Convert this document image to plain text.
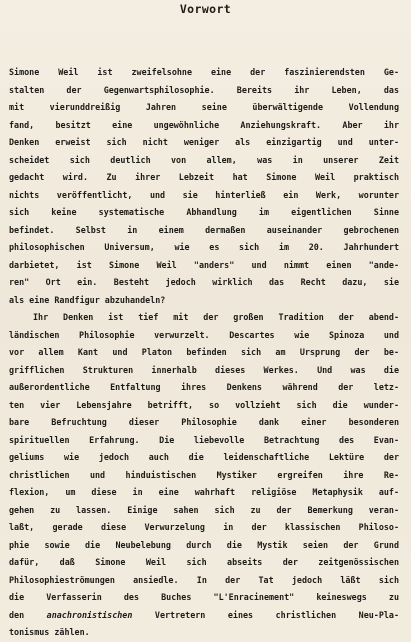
Vorwort
Simone Weil ist zweifelsohne eine der faszinierendsten Ge-
stalten der Gegenwartsphilosophie. Bereits ihr Leben, das
mit vierunddreißig Jahren seine überwältigende Vollendung
fand, besitzt eine ungewöhnliche Anziehungskraft. Aber ihr
Denken erweist sich nicht weniger als einzigartig und unter-
scheidet sich deutlich von allem, was in unserer Zeit
gedacht wird. Zu ihrer Lebzeit hat Simone Weil praktisch
nichts veröffentlicht, und sie hinterließ ein Werk, worunter
sich keine systematische Abhandlung im eigentlichen Sinne
befindet. Selbst in einem dermaßen auseinander gebrochenen
philosophischen Universum, wie es sich im 20. Jahrhundert
darbietet, ist Simone Weil "anders" und nimmt einen "ande-
ren" Ort ein. Besteht jedoch wirklich das Recht dazu, sie
als eine Randfigur abzuhandeln?
Ihr Denken ist tief mit der großen Tradition der abend-
ländischen Philosophie verwurzelt. Descartes wie Spinoza und
vor allem Kant und Platon befinden sich am Ursprung der be-
grifflichen Strukturen innerhalb dieses Werkes. Und was die
außerordentliche Entfaltung ihres Denkens während der letz-
ten vier Lebensjahre betrifft, so vollzieht sich die wunder-
bare Befruchtung dieser Philosophie dank einer besonderen
spirituellen Erfahrung. Die liebevolle Betrachtung des Evan-
geliums wie jedoch auch die leidenschaftliche Lektüre der
christlichen und hinduistischen Mystiker ergreifen ihre Re-
flexion, um diese in eine wahrhaft religiöse Metaphysik auf-
gehen zu lassen. Einige sahen sich zu der Bemerkung veran-
laßt, gerade diese Verwurzelung in der klassischen Philoso-
phie sowie die Neubelebung durch die Mystik seien der Grund
dafür, daß Simone Weil sich abseits der zeitgenössischen
Philosophieströmungen ansiedle. In der Tat jedoch läßt sich
die Verfasserin des Buches "L'Enracinement" keineswegs zu
den anachronistischen Vertretern eines christlichen Neu-Pla-
tonismus zählen.
